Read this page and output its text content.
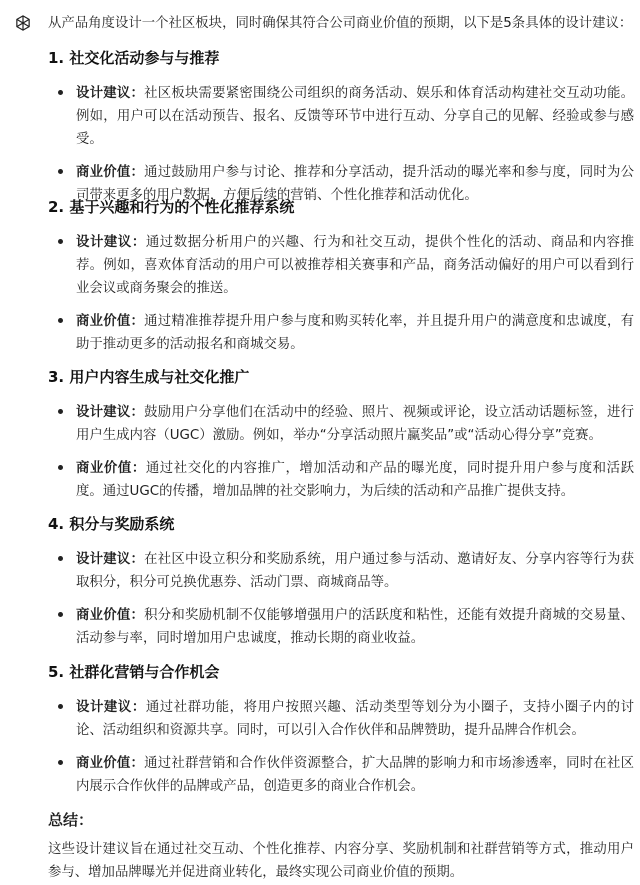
从产品角度设计一个社区板块，同时确保其符合公司商业价值的预期，以下是5条具体的设计建议：
1. 社交化活动参与与推荐
设计建议：社区板块需要紧密围绕公司组织的商务活动、娱乐和体育活动构建社交互动功能。例如，用户可以在活动预告、报名、反馈等环节中进行互动、分享自己的见解、经验或参与感受。
商业价值：通过鼓励用户参与讨论、推荐和分享活动，提升活动的曝光率和参与度，同时为公司带来更多的用户数据，方便后续的营销、个性化推荐和活动优化。
2. 基于兴趣和行为的个性化推荐系统
设计建议：通过数据分析用户的兴趣、行为和社交互动，提供个性化的活动、商品和内容推荐。例如，喜欢体育活动的用户可以被推荐相关赛事和产品，商务活动偏好的用户可以看到行业会议或商务聚会的推送。
商业价值：通过精准推荐提升用户参与度和购买转化率，并且提升用户的满意度和忠诚度，有助于推动更多的活动报名和商城交易。
3. 用户内容生成与社交化推广
设计建议：鼓励用户分享他们在活动中的经验、照片、视频或评论，设立活动话题标签，进行用户生成内容（UGC）激励。例如，举办“分享活动照片赢奖品”或“活动心得分享”竞赛。
商业价值：通过社交化的内容推广，增加活动和产品的曝光度，同时提升用户参与度和活跃度。通过UGC的传播，增加品牌的社交影响力，为后续的活动和产品推广提供支持。
4. 积分与奖励系统
设计建议：在社区中设立积分和奖励系统，用户通过参与活动、邀请好友、分享内容等行为获取积分，积分可兑换优惠券、活动门票、商城商品等。
商业价值：积分和奖励机制不仅能够增强用户的活跃度和粘性，还能有效提升商城的交易量、活动参与率，同时增加用户忠诚度，推动长期的商业收益。
5. 社群化营销与合作机会
设计建议：通过社群功能，将用户按照兴趣、活动类型等划分为小圈子，支持小圈子内的讨论、活动组织和资源共享。同时，可以引入合作伙伴和品牌赞助，提升品牌合作机会。
商业价值：通过社群营销和合作伙伴资源整合，扩大品牌的影响力和市场渗透率，同时在社区内展示合作伙伴的品牌或产品，创造更多的商业合作机会。
总结：
这些设计建议旨在通过社交互动、个性化推荐、内容分享、奖励机制和社群营销等方式，推动用户参与、增加品牌曝光并促进商业转化，最终实现公司商业价值的预期。
